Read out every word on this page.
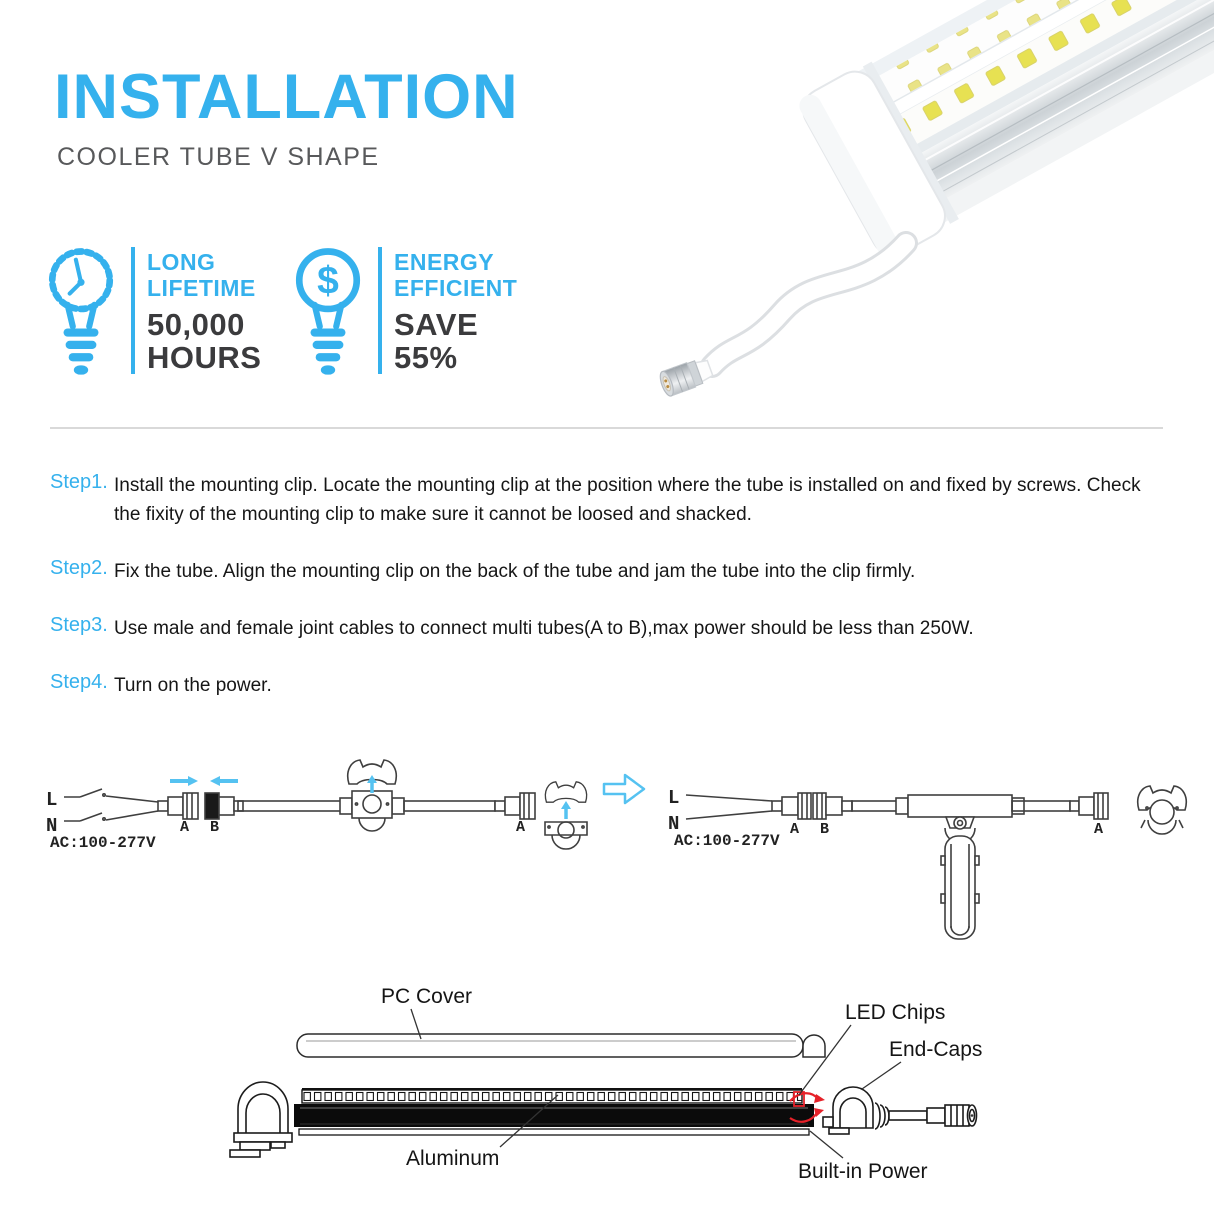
INSTALLATION
COOLER TUBE V SHAPE
LONG
LIFETIME
50,000
HOURS
$ ENERGY
EFFICIENT
SAVE
55%
Step1. Install the mounting clip. Locate the mounting clip at the position where the tube is installed on and fixed by screws. Check the fixity of the mounting clip to make sure it cannot be loosed and shacked.
Step2. Fix the tube. Align the mounting clip on the back of the tube and jam the tube into the clip firmly.
Step3. Use male and female joint cables to connect multi tubes(A to B),max power should be less than 250W.
Step4. Turn on the power.
L
N
AC:100-277V
A B	A
L
N
AC:100-277V
A B	A
PC Cover
LED Chips
End-Caps
Aluminum
Built-in Power
